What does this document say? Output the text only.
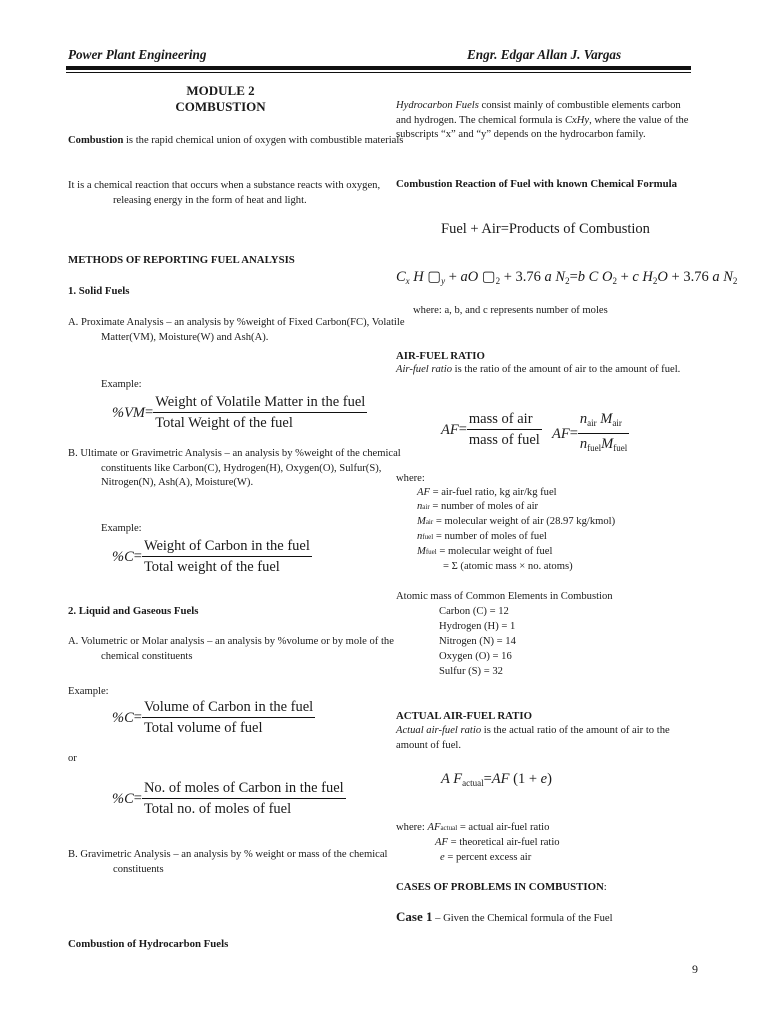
Power Plant Engineering	Engr. Edgar Allan J. Vargas
MODULE 2
COMBUSTION

Combustion is the rapid chemical union of oxygen with combustible materials

It is a chemical reaction that occurs when a substance reacts with oxygen, releasing energy in the form of heat and light.

METHODS OF REPORTING FUEL ANALYSIS
1. Solid Fuels

A. Proximate Analysis – an analysis by %weight of Fixed Carbon(FC), Volatile Matter(VM), Moisture(W) and Ash(A).

Example:
$\%VM= \frac{\text{Weight of Volatile Matter in the fuel}}{\text{Total Weight of the fuel}}$

B. Ultimate or Gravimetric Analysis – an analysis by %weight of the chemical constituents like Carbon(C), Hydrogen(H), Oxygen(O), Sulfur(S), Nitrogen(N), Ash(A), Moisture(W).

Example:
$\%C= \frac{\text{Weight of Carbon in the fuel}}{\text{Total weight of the fuel}}$
2. Liquid and Gaseous Fuels

A. Volumetric or Molar analysis – an analysis by %volume or by mole of the chemical constituents

Example:
$\%C= \frac{\text{Volume of Carbon in the fuel}}{\text{Total volume of fuel}}$
or
$\%C= \frac{\text{No. of moles of Carbon in the fuel}}{\text{Total no. of moles of fuel}}$

B. Gravimetric Analysis – an analysis by % weight or mass of the chemical constituents

Combustion of Hydrocarbon Fuels

Hydrocarbon Fuels consist mainly of combustible elements carbon and hydrogen. The chemical formula is CxHy, where the value of the subscripts “x” and “y” depends on the hydrocarbon family.

Combustion Reaction of Fuel with known Chemical Formula
Fuel + Air=Products of Combustion
$C_x$ H $▢_y$ + aO $▢_2 + 3.76$ a $N_2=b$ C $O_2 + c$ $H_2O + 3.76$ a $N_2$
where: a, b, and c represents number of moles
AIR-FUEL RATIO

Air-fuel ratio is the ratio of the amount of air to the amount of fuel.

$AF= \frac{\text{mass of air}}{\text{mass of fuel}} AF= \frac{n_{air} M_{air}}{n_{fuel}M_{fuel}}$
where:
AF = air-fuel ratio, kg air/kg fuel
nair = number of moles of air
Mair = molecular weight of air (28.97 kg/kmol)
nfuel = number of moles of fuel
Mfuel = molecular weight of fuel
= Σ (atomic mass × no. atoms)
Atomic mass of Common Elements in Combustion
Carbon (C) = 12
Hydrogen (H) = 1
Nitrogen (N) = 14
Oxygen (O) = 16
Sulfur (S) = 32
ACTUAL AIR-FUEL RATIO

Actual air-fuel ratio is the actual ratio of the amount of air to the amount of fuel.

A $F_{actual}=AF$ (1 + e)
where: AFactual = actual air-fuel ratio
AF = theoretical air-fuel ratio
e = percent excess air
CASES OF PROBLEMS IN COMBUSTION:
Case 1 – Given the Chemical formula of the Fuel
9
